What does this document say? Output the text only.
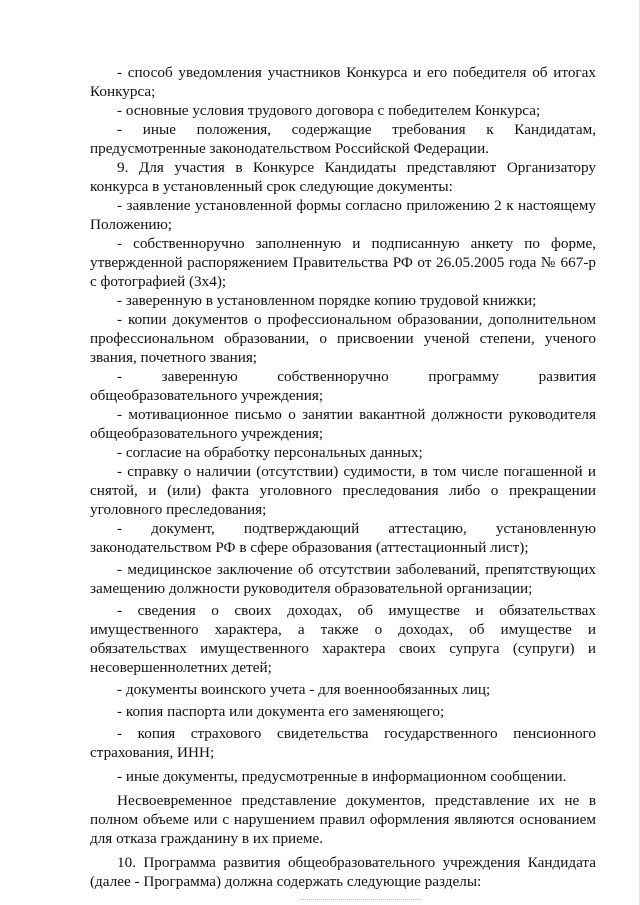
- способ уведомления участников Конкурса и его победителя об итогах Конкурса;

- основные условия трудового договора с победителем Конкурса;

- иные положения, содержащие требования к Кандидатам, предусмотренные законодательством Российской Федерации.

9. Для участия в Конкурсе Кандидаты представляют Организатору конкурса в установленный срок следующие документы:

- заявление установленной формы согласно приложению 2 к настоящему Положению;

- собственноручно заполненную и подписанную анкету по форме, утвержденной распоряжением Правительства РФ от 26.05.2005 года № 667-р с фотографией (3х4);

- заверенную в установленном порядке копию трудовой книжки;

- копии документов о профессиональном образовании, дополнительном профессиональном образовании, о присвоении ученой степени, ученого звания, почетного звания;

- заверенную собственноручно программу развития общеобразовательного учреждения;

- мотивационное письмо о занятии вакантной должности руководителя общеобразовательного учреждения;

- согласие на обработку персональных данных;

- справку о наличии (отсутствии) судимости, в том числе погашенной и снятой, и (или) факта уголовного преследования либо о прекращении уголовного преследования;

- документ, подтверждающий аттестацию, установленную законодательством РФ в сфере образования (аттестационный лист);

- медицинское заключение об отсутствии заболеваний, препятствующих замещению должности руководителя образовательной организации;

- сведения о своих доходах, об имуществе и обязательствах имущественного характера, а также о доходах, об имуществе и обязательствах имущественного характера своих супруга (супруги) и несовершеннолетних детей;

- документы воинского учета - для военнообязанных лиц;

- копия паспорта или документа его заменяющего;

- копия страхового свидетельства государственного пенсионного страхования, ИНН;

- иные документы, предусмотренные в информационном сообщении.

Несвоевременное представление документов, представление их не в полном объеме или с нарушением правил оформления являются основанием для отказа гражданину в их приеме.

10. Программа развития общеобразовательного учреждения Кандидата (далее - Программа) должна содержать следующие разделы:
